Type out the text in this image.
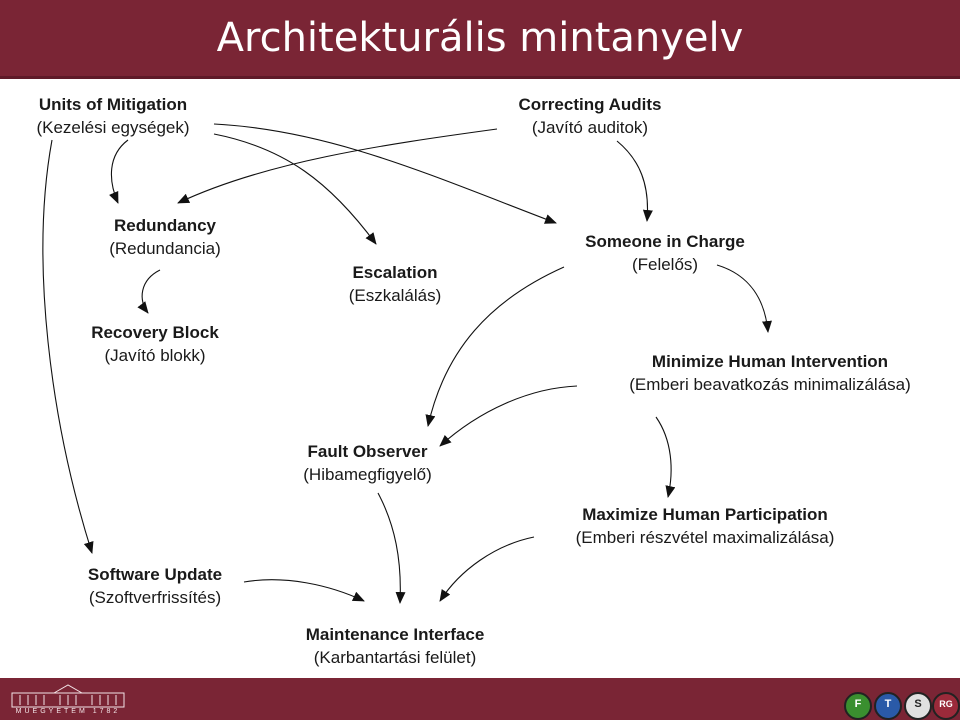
Architekturális mintanyelv
Units of Mitigation
(Kezelési egységek)
Correcting Audits
(Javító auditok)
Redundancy
(Redundancia)	Someone in Charge
(Felelős)
Escalation
(Eszkalálás)
Recovery Block
(Javító blokk)	Minimize Human Intervention
(Emberi beavatkozás minimalizálása)
Fault Observer
(Hibamegfigyelő)
Maximize Human Participation
(Emberi részvétel maximalizálása)
Software Update
(Szoftverfrissítés)
Maintenance Interface
(Karbantartási felület)
MŰEGYETEM 1782
F	T	S	RG
